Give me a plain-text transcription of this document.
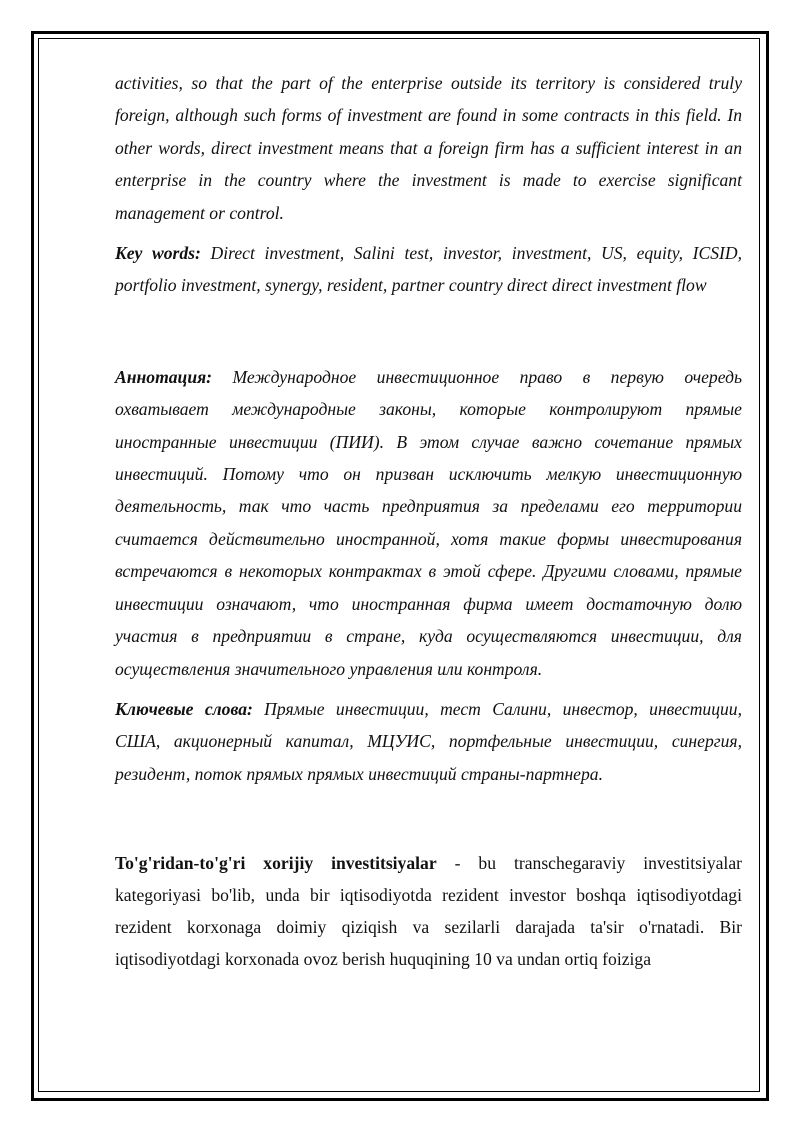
activities, so that the part of the enterprise outside its territory is considered truly foreign, although such forms of investment are found in some contracts in this field. In other words, direct investment means that a foreign firm has a sufficient interest in an enterprise in the country where the investment is made to exercise significant management or control.

Key words: Direct investment, Salini test, investor, investment, US, equity, ICSID, portfolio investment, synergy, resident, partner country direct direct investment flow

Аннотация: Международное инвестиционное право в первую очередь охватывает международные законы, которые контролируют прямые иностранные инвестиции (ПИИ). В этом случае важно сочетание прямых инвестиций. Потому что он призван исключить мелкую инвестиционную деятельность, так что часть предприятия за пределами его территории считается действительно иностранной, хотя такие формы инвестирования встречаются в некоторых контрактах в этой сфере. Другими словами, прямые инвестиции означают, что иностранная фирма имеет достаточную долю участия в предприятии в стране, куда осуществляются инвестиции, для осуществления значительного управления или контроля.

Ключевые слова: Прямые инвестиции, тест Салини, инвестор, инвестиции, США, акционерный капитал, МЦУИС, портфельные инвестиции, синергия, резидент, поток прямых прямых инвестиций страны-партнера.

To'g'ridan-to'g'ri xorijiy investitsiyalar - bu transchegaraviy investitsiyalar kategoriyasi bo'lib, unda bir iqtisodiyotda rezident investor boshqa iqtisodiyotdagi rezident korxonaga doimiy qiziqish va sezilarli darajada ta'sir o'rnatadi. Bir iqtisodiyotdagi korxonada ovoz berish huquqining 10 va undan ortiq foiziga
